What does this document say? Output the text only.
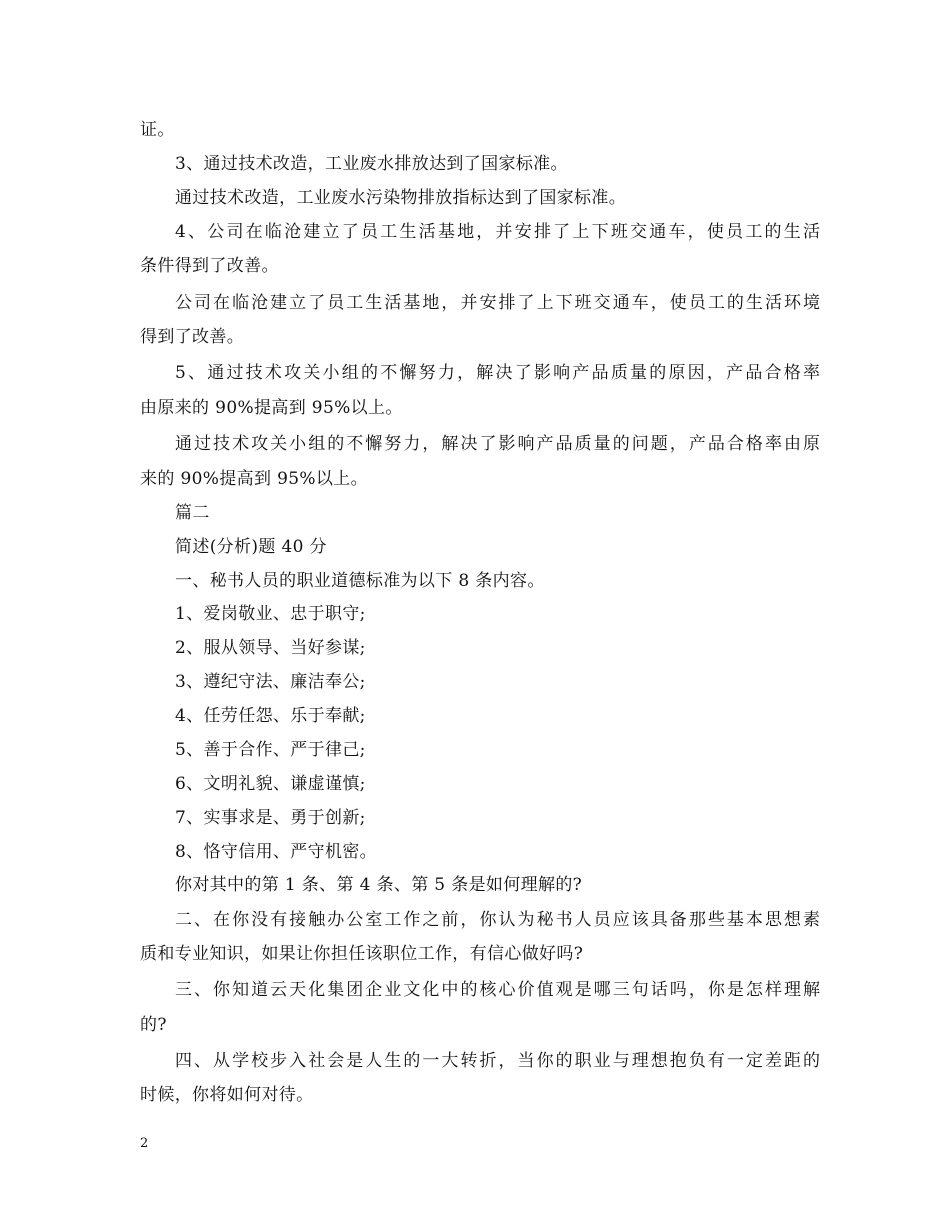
证。
3、通过技术改造，工业废水排放达到了国家标准。
通过技术改造，工业废水污染物排放指标达到了国家标准。
4、公司在临沧建立了员工生活基地，并安排了上下班交通车，使员工的生活
条件得到了改善。
公司在临沧建立了员工生活基地，并安排了上下班交通车，使员工的生活环境
得到了改善。
5、通过技术攻关小组的不懈努力，解决了影响产品质量的原因，产品合格率
由原来的 90%提高到 95%以上。
通过技术攻关小组的不懈努力，解决了影响产品质量的问题，产品合格率由原
来的 90%提高到 95%以上。
篇二
简述(分析)题 40 分
一、秘书人员的职业道德标准为以下 8 条内容。
1、爱岗敬业、忠于职守;
2、服从领导、当好参谋;
3、遵纪守法、廉洁奉公;
4、任劳任怨、乐于奉献;
5、善于合作、严于律己;
6、文明礼貌、谦虚谨慎;
7、实事求是、勇于创新;
8、恪守信用、严守机密。
你对其中的第 1 条、第 4 条、第 5 条是如何理解的?
二、在你没有接触办公室工作之前，你认为秘书人员应该具备那些基本思想素
质和专业知识，如果让你担任该职位工作，有信心做好吗?
三、你知道云天化集团企业文化中的核心价值观是哪三句话吗，你是怎样理解
的?
四、从学校步入社会是人生的一大转折，当你的职业与理想抱负有一定差距的
时候，你将如何对待。
2
